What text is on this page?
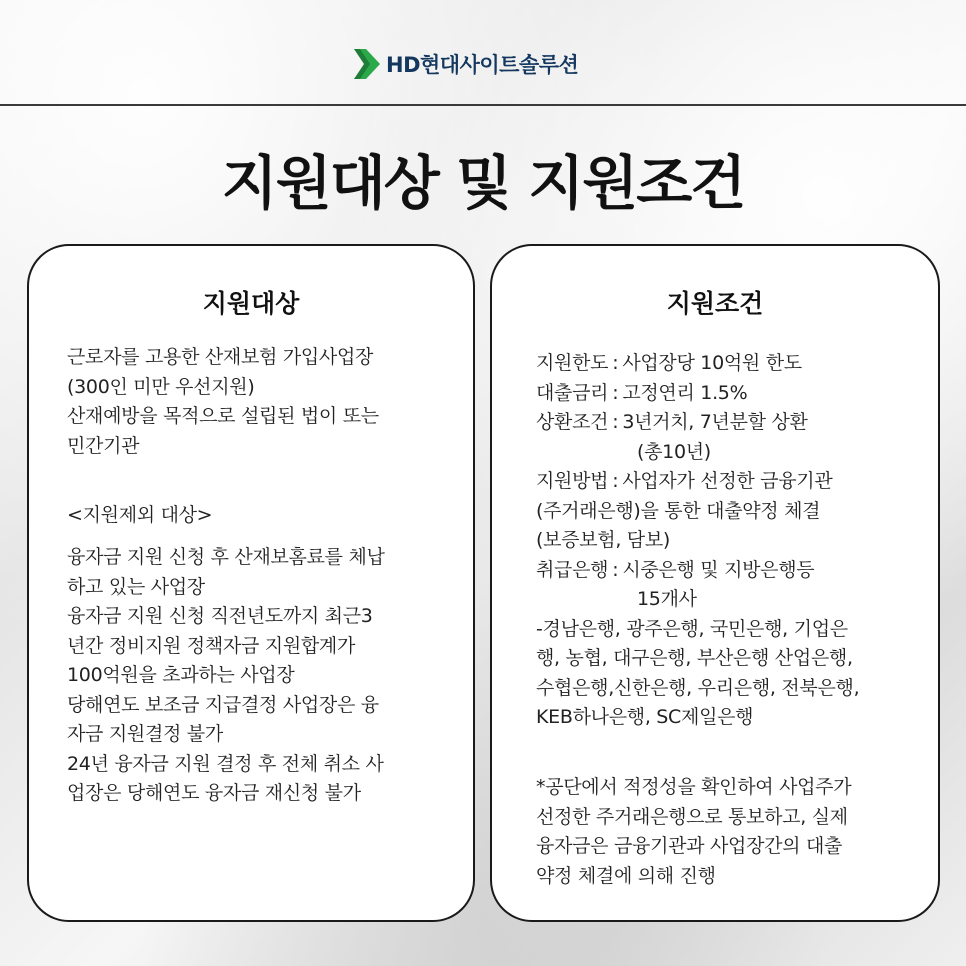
HD현대사이트솔루션
지원대상 및 지원조건
지원대상
근로자를 고용한 산재보험 가입사업장
(300인 미만 우선지원)
산재예방을 목적으로 설립된 법이 또는
민간기관
<지원제외 대상>
융자금 지원 신청 후 산재보홈료를 체납
하고 있는 사업장
융자금 지원 신청 직전년도까지 최근3
년간 정비지원 정책자금 지원합계가
100억원을 초과하는 사업장
당해연도 보조금 지급결정 사업장은 융
자금 지원결정 불가
24년 융자금 지원 결정 후 전체 취소 사
업장은 당해연도 융자금 재신청 불가
지원조건
지원한도 : 사업장당 10억원 한도
대출금리 : 고정연리 1.5%
상환조건 : 3년거치, 7년분할 상환
(총10년)
지원방법 : 사업자가 선정한 금융기관
(주거래은행)을 통한 대출약정 체결
(보증보험, 담보)
취급은행 : 시중은행 및 지방은행등
15개사
-경남은행, 광주은행, 국민은행, 기업은
행, 농협, 대구은행, 부산은행 산업은행,
수협은행,신한은행, 우리은행, 전북은행,
KEB하나은행, SC제일은행
*공단에서 적정성을 확인하여 사업주가
선정한 주거래은행으로 통보하고, 실제
융자금은 금융기관과 사업장간의 대출
약정 체결에 의해 진행
